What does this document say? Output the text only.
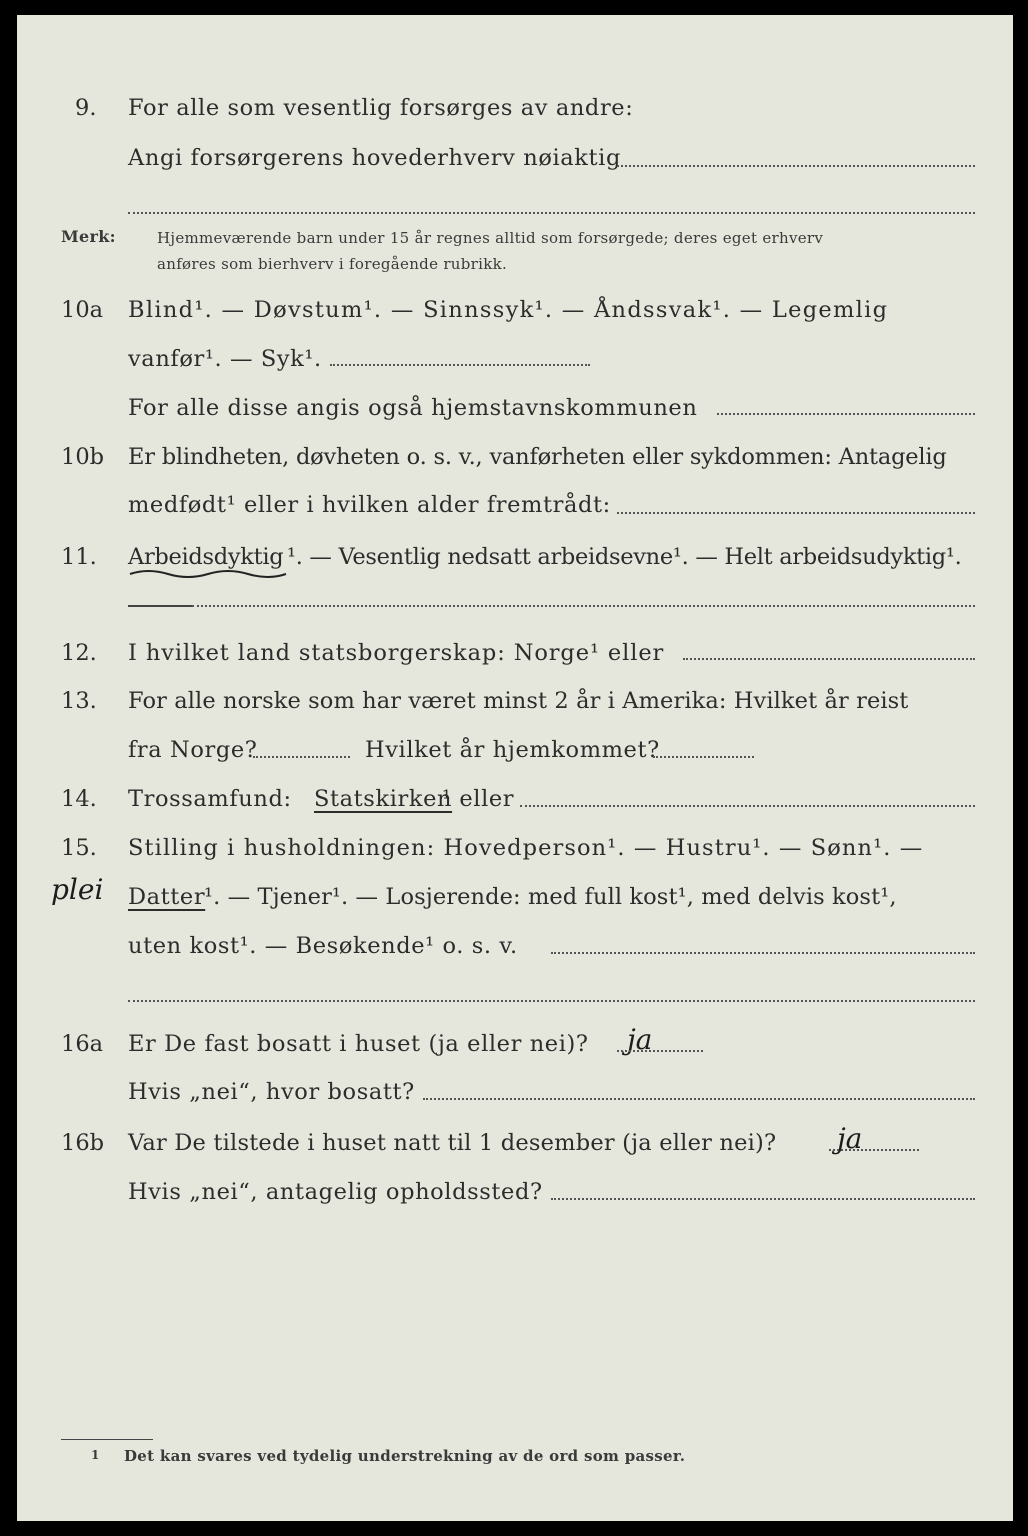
9. For alle som vesentlig forsørges av andre:
Angi forsørgerens hovederhverv nøiaktig
Merk:	Hjemmeværende barn under 15 år regnes alltid som forsørgede; deres eget erhverv
anføres som bierhverv i foregående rubrikk.
10a Blind¹. — Døvstum¹. — Sinnssyk¹. — Åndssvak¹. — Legemlig
vanfør¹. — Syk¹.
For alle disse angis også hjemstavnskommunen
10b Er blindheten, døvheten o. s. v., vanførheten eller sykdommen: Antagelig
medfødt¹ eller i hvilken alder fremtrådt:
11. Arbeidsdyktig ¹. — Vesentlig nedsatt arbeidsevne¹. — Helt arbeidsudyktig¹.
12. I hvilket land statsborgerskap: Norge¹ eller
13. For alle norske som har været minst 2 år i Amerika: Hvilket år reist
fra Norge?	Hvilket år hjemkommet?
14. Trossamfund: Statskirken
¹ eller
15. Stilling i husholdningen: Hovedperson¹. — Hustru¹. — Sønn¹. —
plei Datter
¹. — Tjener¹. — Losjerende: med full kost¹, med delvis kost¹,
uten kost¹. — Besøkende¹ o. s. v.
16a Er De fast bosatt i huset (ja eller nei)? ja
Hvis „nei“, hvor bosatt?
16b Var De tilstede i huset natt til 1 desember (ja eller nei)? ja
Hvis „nei“, antagelig opholdssted?
1 Det kan svares ved tydelig understrekning av de ord som passer.
